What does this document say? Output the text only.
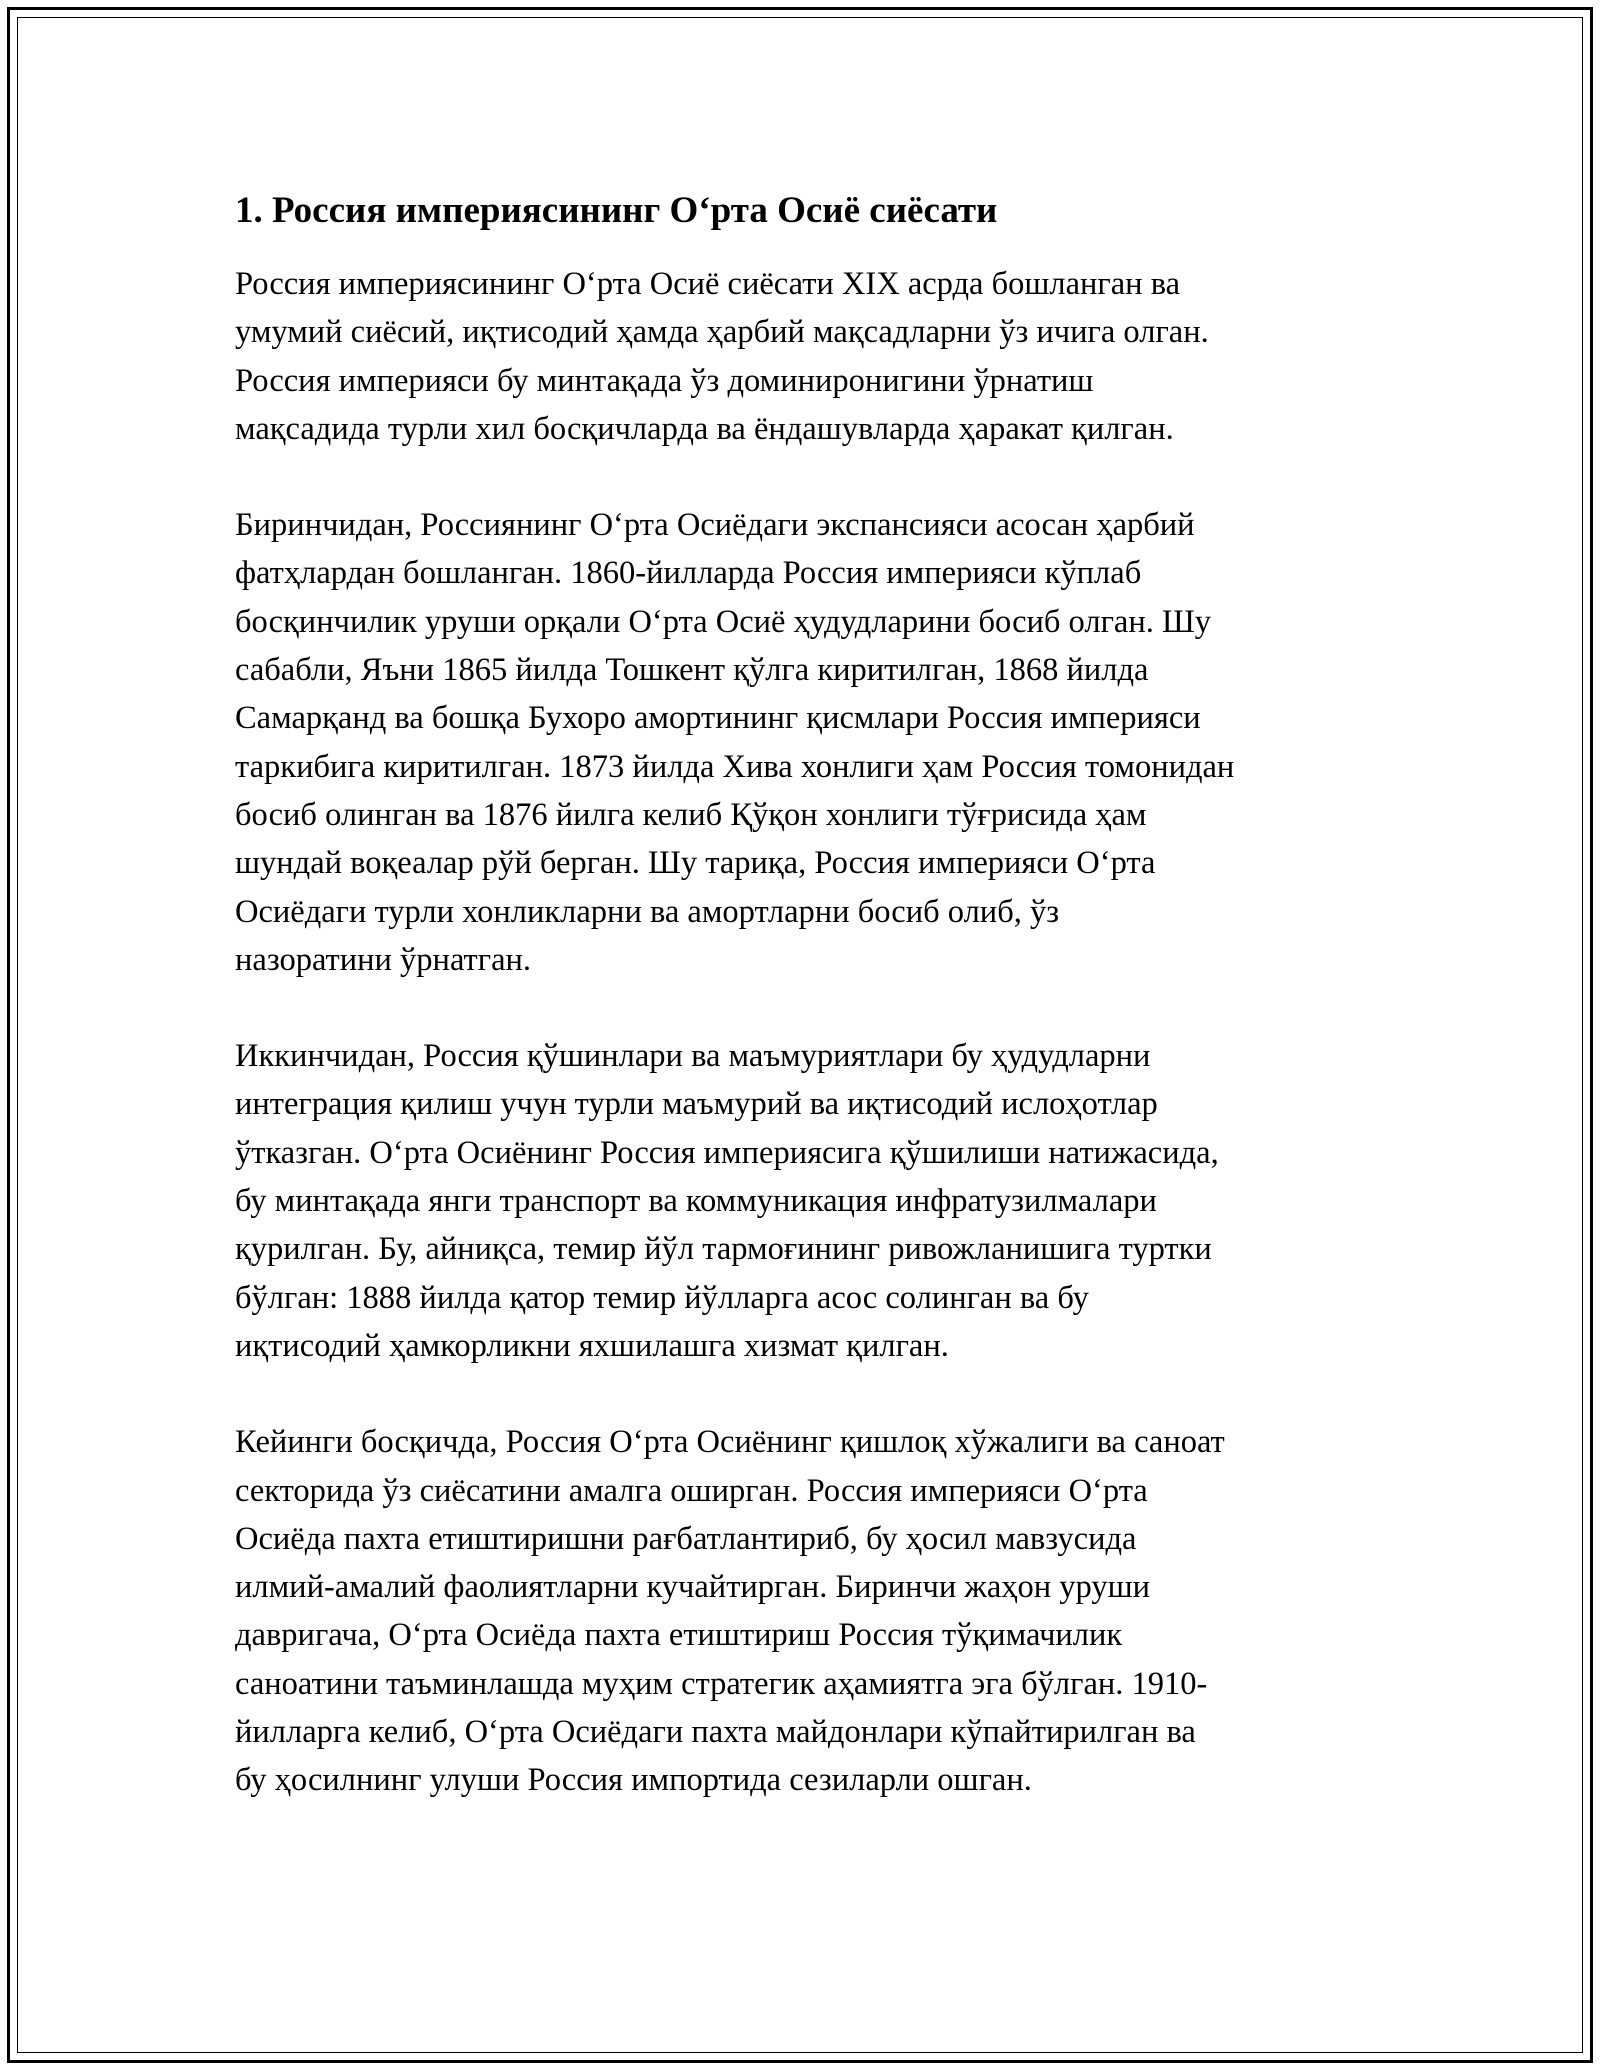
1. Россия империясининг Оʻрта Осиё сиёсати
Россия империясининг Оʻрта Осиё сиёсати XIX асрда бошланган ва
умумий сиёсий, иқтисодий ҳамда ҳарбий мақсадларни ўз ичига олган.
Россия империяси бу минтақада ўз доминиронигини ўрнатиш
мақсадида турли хил босқичларда ва ёндашувларда ҳаракат қилган.
Биринчидан, Россиянинг Оʻрта Осиёдаги экспансияси асосан ҳарбий
фатҳлардан бошланган. 1860-йилларда Россия империяси кўплаб
босқинчилик уруши орқали Оʻрта Осиё ҳудудларини босиб олган. Шу
сабабли, Яъни 1865 йилда Тошкент қўлга киритилган, 1868 йилда
Самарқанд ва бошқа Бухоро амортининг қисмлари Россия империяси
таркибига киритилган. 1873 йилда Хива хонлиги ҳам Россия томонидан
босиб олинган ва 1876 йилга келиб Қўқон хонлиги тўғрисида ҳам
шундай воқеалар рўй берган. Шу тариқа, Россия империяси Оʻрта
Осиёдаги турли хонликларни ва амортларни босиб олиб, ўз
назоратини ўрнатган.
Иккинчидан, Россия қўшинлари ва маъмуриятлари бу ҳудудларни
интеграция қилиш учун турли маъмурий ва иқтисодий ислоҳотлар
ўтказган. Оʻрта Осиёнинг Россия империясига қўшилиши натижасида,
бу минтақада янги транспорт ва коммуникация инфратузилмалари
қурилган. Бу, айниқса, темир йўл тармоғининг ривожланишига туртки
бўлган: 1888 йилда қатор темир йўлларга асос солинган ва бу
иқтисодий ҳамкорликни яхшилашга хизмат қилган.
Кейинги босқичда, Россия Оʻрта Осиёнинг қишлоқ хўжалиги ва саноат
секторида ўз сиёсатини амалга оширган. Россия империяси Оʻрта
Осиёда пахта етиштиришни рағбатлантириб, бу ҳосил мавзусида
илмий-амалий фаолиятларни кучайтирган. Биринчи жаҳон уруши
давригача, Оʻрта Осиёда пахта етиштириш Россия тўқимачилик
саноатини таъминлашда муҳим стратегик аҳамиятга эга бўлган. 1910-
йилларга келиб, Оʻрта Осиёдаги пахта майдонлари кўпайтирилган ва
бу ҳосилнинг улуши Россия импортида сезиларли ошган.
